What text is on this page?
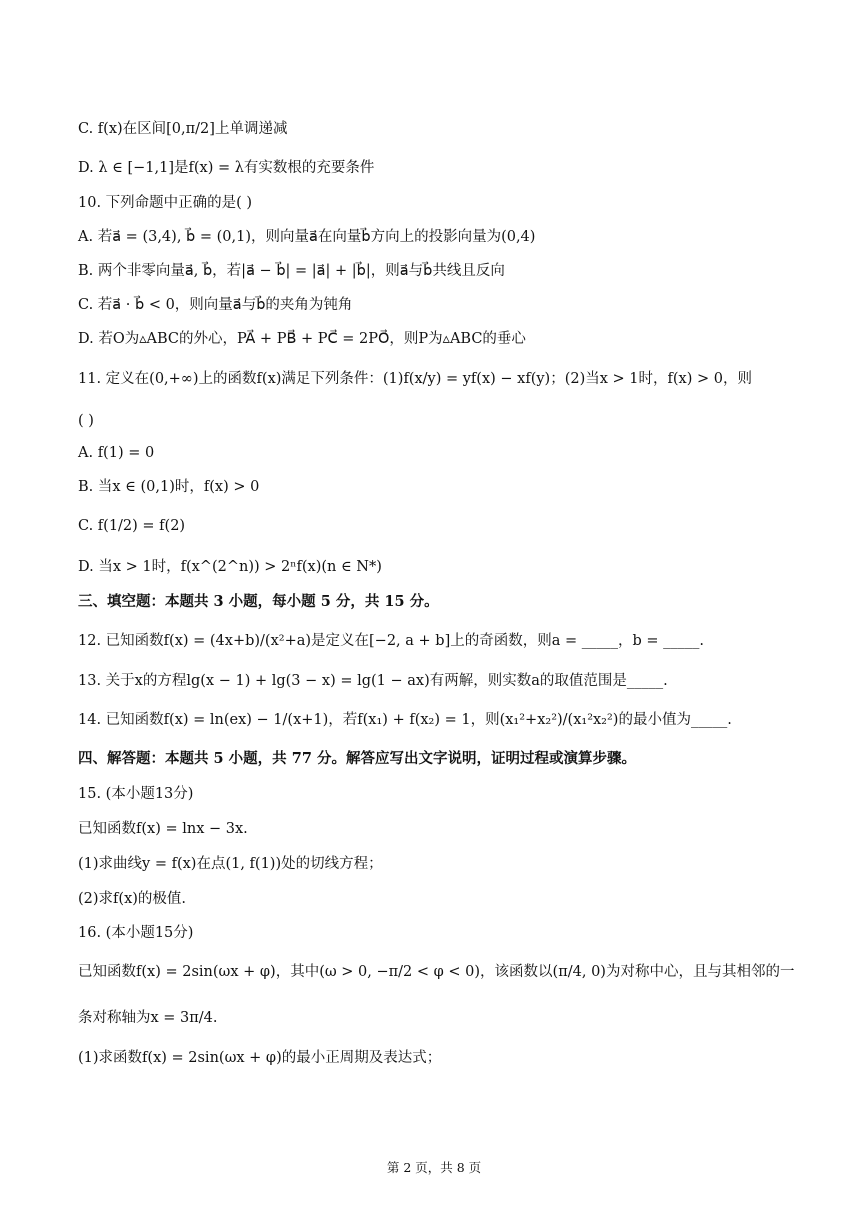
C. f(x)在区间[0,π/2]上单调递减
D. λ ∈ [−1,1]是f(x) = λ有实数根的充要条件
10. 下列命题中正确的是( )
A. 若a⃗ = (3,4), b⃗ = (0,1)，则向量a⃗在向量b⃗方向上的投影向量为(0,4)
B. 两个非零向量a⃗, b⃗，若|a⃗ − b⃗| = |a⃗| + |b⃗|，则a⃗与b⃗共线且反向
C. 若a⃗ · b⃗ < 0，则向量a⃗与b⃗的夹角为钝角
D. 若O为▵ABC的外心，PA⃗ + PB⃗ + PC⃗ = 2PO⃗，则P为▵ABC的垂心
11. 定义在(0,+∞)上的函数f(x)满足下列条件：(1)f(x/y) = yf(x) − xf(y)；(2)当x > 1时，f(x) > 0，则
( )
A. f(1) = 0
B. 当x ∈ (0,1)时，f(x) > 0
C. f(1/2) = f(2)
D. 当x > 1时，f(x^(2^n)) > 2ⁿf(x)(n ∈ N*)
三、填空题：本题共 3 小题，每小题 5 分，共 15 分。
12. 已知函数f(x) = (4x+b)/(x²+a)是定义在[−2, a + b]上的奇函数，则a = _____，b = _____.
13. 关于x的方程lg(x − 1) + lg(3 − x) = lg(1 − ax)有两解，则实数a的取值范围是_____.
14. 已知函数f(x) = ln(ex) − 1/(x+1)，若f(x₁) + f(x₂) = 1，则(x₁²+x₂²)/(x₁²x₂²)的最小值为_____.
四、解答题：本题共 5 小题，共 77 分。解答应写出文字说明，证明过程或演算步骤。
15. (本小题13分)
已知函数f(x) = lnx − 3x.
(1)求曲线y = f(x)在点(1, f(1))处的切线方程；
(2)求f(x)的极值.
16. (本小题15分)
已知函数f(x) = 2sin(ωx + φ)，其中(ω > 0, −π/2 < φ < 0)，该函数以(π/4, 0)为对称中心，且与其相邻的一
条对称轴为x = 3π/4.
(1)求函数f(x) = 2sin(ωx + φ)的最小正周期及表达式；
第 2 页，共 8 页
